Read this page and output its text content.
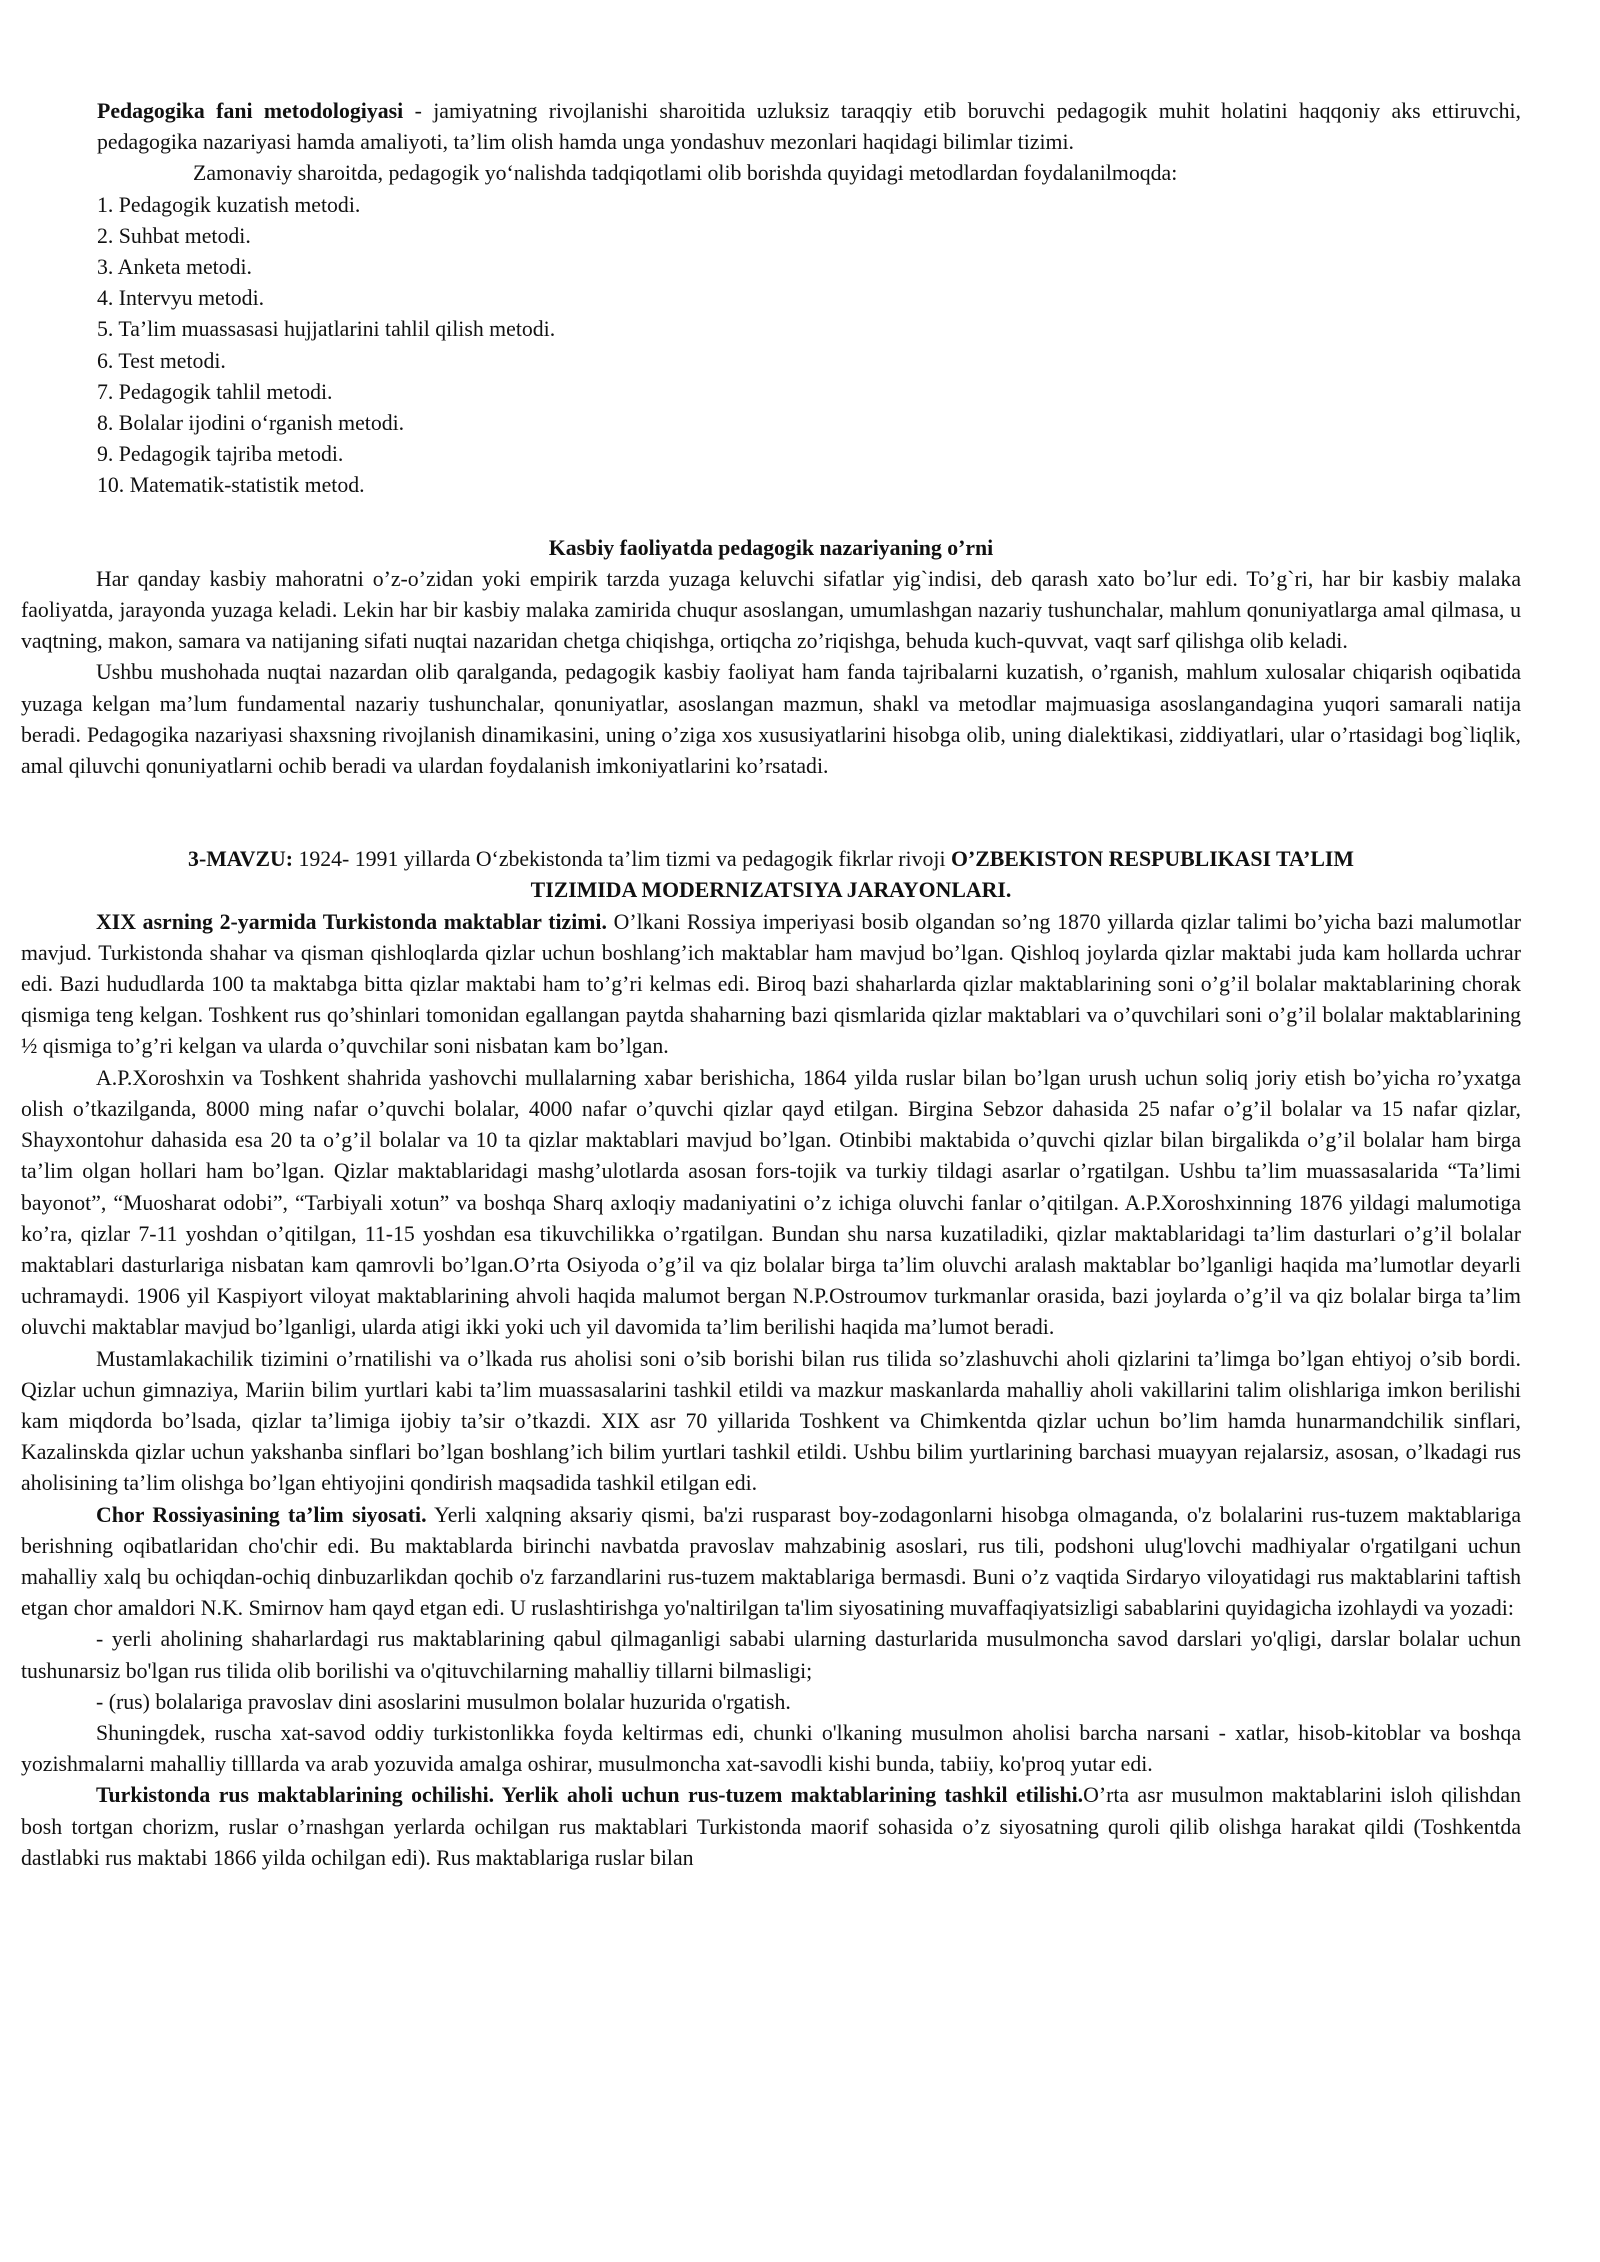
Pedagogika fani metodologiyasi - jamiyatning rivojlanishi sharoitida uzluksiz taraqqiy etib boruvchi pedagogik muhit holatini haqqoniy aks ettiruvchi, pedagogika nazariyasi hamda amaliyoti, ta’lim olish hamda unga yondashuv mezonlari haqidagi bilimlar tizimi.

Zamonaviy sharoitda, pedagogik yo‘nalishda tadqiqotlami olib borishda quyidagi metodlardan foydalanilmoqda:

1. Pedagogik kuzatish metodi.
2. Suhbat metodi.
3. Anketa metodi.
4. Intervyu metodi.
5. Ta’lim muassasasi hujjatlarini tahlil qilish metodi.
6. Test metodi.
7. Pedagogik tahlil metodi.
8. Bolalar ijodini o‘rganish metodi.
9. Pedagogik tajriba metodi.
10. Matematik-statistik metod.

Kasbiy faoliyatda pedagogik nazariyaning o’rni

Har qanday kasbiy mahoratni o’z-o’zidan yoki empirik tarzda yuzaga keluvchi sifatlar yig`indisi, deb qarash xato bo’lur edi. To’g`ri, har bir kasbiy malaka faoliyatda, jarayonda yuzaga keladi. Lekin har bir kasbiy malaka zamirida chuqur asoslangan, umumlashgan nazariy tushunchalar, mahlum qonuniyatlarga amal qilmasa, u vaqtning, makon, samara va natijaning sifati nuqtai nazaridan chetga chiqishga, ortiqcha zo’riqishga, behuda kuch-quvvat, vaqt sarf qilishga olib keladi.

Ushbu mushohada nuqtai nazardan olib qaralganda, pedagogik kasbiy faoliyat ham fanda tajribalarni kuzatish, o’rganish, mahlum xulosalar chiqarish oqibatida yuzaga kelgan ma’lum fundamental nazariy tushunchalar, qonuniyatlar, asoslangan mazmun, shakl va metodlar majmuasiga asoslangandagina yuqori samarali natija beradi. Pedagogika nazariyasi shaxsning rivojlanish dinamikasini, uning o’ziga xos xususiyatlarini hisobga olib, uning dialektikasi, ziddiyatlari, ular o’rtasidagi bog`liqlik, amal qiluvchi qonuniyatlarni ochib beradi va ulardan foydalanish imkoniyatlarini ko’rsatadi.

3-MAVZU: 1924- 1991 yillarda O‘zbekistonda ta’lim tizmi va pedagogik fikrlar rivoji O’ZBEKISTON RESPUBLIKASI TA’LIM

TIZIMIDA MODERNIZATSIYA JARAYONLARI.

XIX asrning 2-yarmida Turkistonda maktablar tizimi. O’lkani Rossiya imperiyasi bosib olgandan so’ng 1870 yillarda qizlar talimi bo’yicha bazi malumotlar mavjud. Turkistonda shahar va qisman qishloqlarda qizlar uchun boshlang’ich maktablar ham mavjud bo’lgan. Qishloq joylarda qizlar maktabi juda kam hollarda uchrar edi. Bazi hududlarda 100 ta maktabga bitta qizlar maktabi ham to’g’ri kelmas edi. Biroq bazi shaharlarda qizlar maktablarining soni o’g’il bolalar maktablarining chorak qismiga teng kelgan. Toshkent rus qo’shinlari tomonidan egallangan paytda shaharning bazi qismlarida qizlar maktablari va o’quvchilari soni o’g’il bolalar maktablarining ½ qismiga to’g’ri kelgan va ularda o’quvchilar soni nisbatan kam bo’lgan.

A.P.Xoroshxin va Toshkent shahrida yashovchi mullalarning xabar berishicha, 1864 yilda ruslar bilan bo’lgan urush uchun soliq joriy etish bo’yicha ro’yxatga olish o’tkazilganda, 8000 ming nafar o’quvchi bolalar, 4000 nafar o’quvchi qizlar qayd etilgan. Birgina Sebzor dahasida 25 nafar o’g’il bolalar va 15 nafar qizlar, Shayxontohur dahasida esa 20 ta o’g’il bolalar va 10 ta qizlar maktablari mavjud bo’lgan. Otinbibi maktabida o’quvchi qizlar bilan birgalikda o’g’il bolalar ham birga ta’lim olgan hollari ham bo’lgan. Qizlar maktablaridagi mashg’ulotlarda asosan fors-tojik va turkiy tildagi asarlar o’rgatilgan. Ushbu ta’lim muassasalarida “Ta’limi bayonot”, “Muosharat odobi”, “Tarbiyali xotun” va boshqa Sharq axloqiy madaniyatini o’z ichiga oluvchi fanlar o’qitilgan. A.P.Xoroshxinning 1876 yildagi malumotiga ko’ra, qizlar 7-11 yoshdan o’qitilgan, 11-15 yoshdan esa tikuvchilikka o’rgatilgan. Bundan shu narsa kuzatiladiki, qizlar maktablaridagi ta’lim dasturlari o’g’il bolalar maktablari dasturlariga nisbatan kam qamrovli bo’lgan.O’rta Osiyoda o’g’il va qiz bolalar birga ta’lim oluvchi aralash maktablar bo’lganligi haqida ma’lumotlar deyarli uchramaydi. 1906 yil Kaspiyort viloyat maktablarining ahvoli haqida malumot bergan N.P.Ostroumov turkmanlar orasida, bazi joylarda o’g’il va qiz bolalar birga ta’lim oluvchi maktablar mavjud bo’lganligi, ularda atigi ikki yoki uch yil davomida ta’lim berilishi haqida ma’lumot beradi.

Mustamlakachilik tizimini o’rnatilishi va o’lkada rus aholisi soni o’sib borishi bilan rus tilida so’zlashuvchi aholi qizlarini ta’limga bo’lgan ehtiyoj o’sib bordi. Qizlar uchun gimnaziya, Mariin bilim yurtlari kabi ta’lim muassasalarini tashkil etildi va mazkur maskanlarda mahalliy aholi vakillarini talim olishlariga imkon berilishi kam miqdorda bo’lsada, qizlar ta’limiga ijobiy ta’sir o’tkazdi. XIX asr 70 yillarida Toshkent va Chimkentda qizlar uchun bo’lim hamda hunarmandchilik sinflari, Kazalinskda qizlar uchun yakshanba sinflari bo’lgan boshlang’ich bilim yurtlari tashkil etildi. Ushbu bilim yurtlarining barchasi muayyan rejalarsiz, asosan, o’lkadagi rus aholisining ta’lim olishga bo’lgan ehtiyojini qondirish maqsadida tashkil etilgan edi.

Chor Rossiyasining ta’lim siyosati. Yerli xalqning aksariy qismi, ba'zi rusparast boy-zodagonlarni hisobga olmaganda, o'z bolalarini rus-tuzem maktablariga berishning oqibatlaridan cho'chir edi. Bu maktablarda birinchi navbatda pravoslav mahzabinig asoslari, rus tili, podshoni ulug'lovchi madhiyalar o'rgatilgani uchun mahalliy xalq bu ochiqdan-ochiq dinbuzarlikdan qochib o'z farzandlarini rus-tuzem maktablariga bermasdi. Buni o’z vaqtida Sirdaryo viloyatidagi rus maktablarini taftish etgan chor amaldori N.K. Smirnov ham qayd etgan edi. U ruslashtirishga yo'naltirilgan ta'lim siyosatining muvaffaqiyatsizligi sabablarini quyidagicha izohlaydi va yozadi:

- yerli aholining shaharlardagi rus maktablarining qabul qilmaganligi sababi ularning dasturlarida musulmoncha savod darslari yo'qligi, darslar bolalar uchun tushunarsiz bo'lgan rus tilida olib borilishi va o'qituvchilarning mahalliy tillarni bilmasligi;

- (rus) bolalariga pravoslav dini asoslarini musulmon bolalar huzurida o'rgatish.

Shuningdek, ruscha xat-savod oddiy turkistonlikka foyda keltirmas edi, chunki o'lkaning musulmon aholisi barcha narsani - xatlar, hisob-kitoblar va boshqa yozishmalarni mahalliy tilllarda va arab yozuvida amalga oshirar, musulmoncha xat-savodli kishi bunda, tabiiy, ko'proq yutar edi.

Turkistonda rus maktablarining ochilishi. Yerlik aholi uchun rus-tuzem maktablarining tashkil etilishi.O’rta asr musulmon maktablarini isloh qilishdan bosh tortgan chorizm, ruslar o’rnashgan yerlarda ochilgan rus maktablari Turkistonda maorif sohasida o’z siyosatning quroli qilib olishga harakat qildi (Toshkentda dastlabki rus maktabi 1866 yilda ochilgan edi). Rus maktablariga ruslar bilan
